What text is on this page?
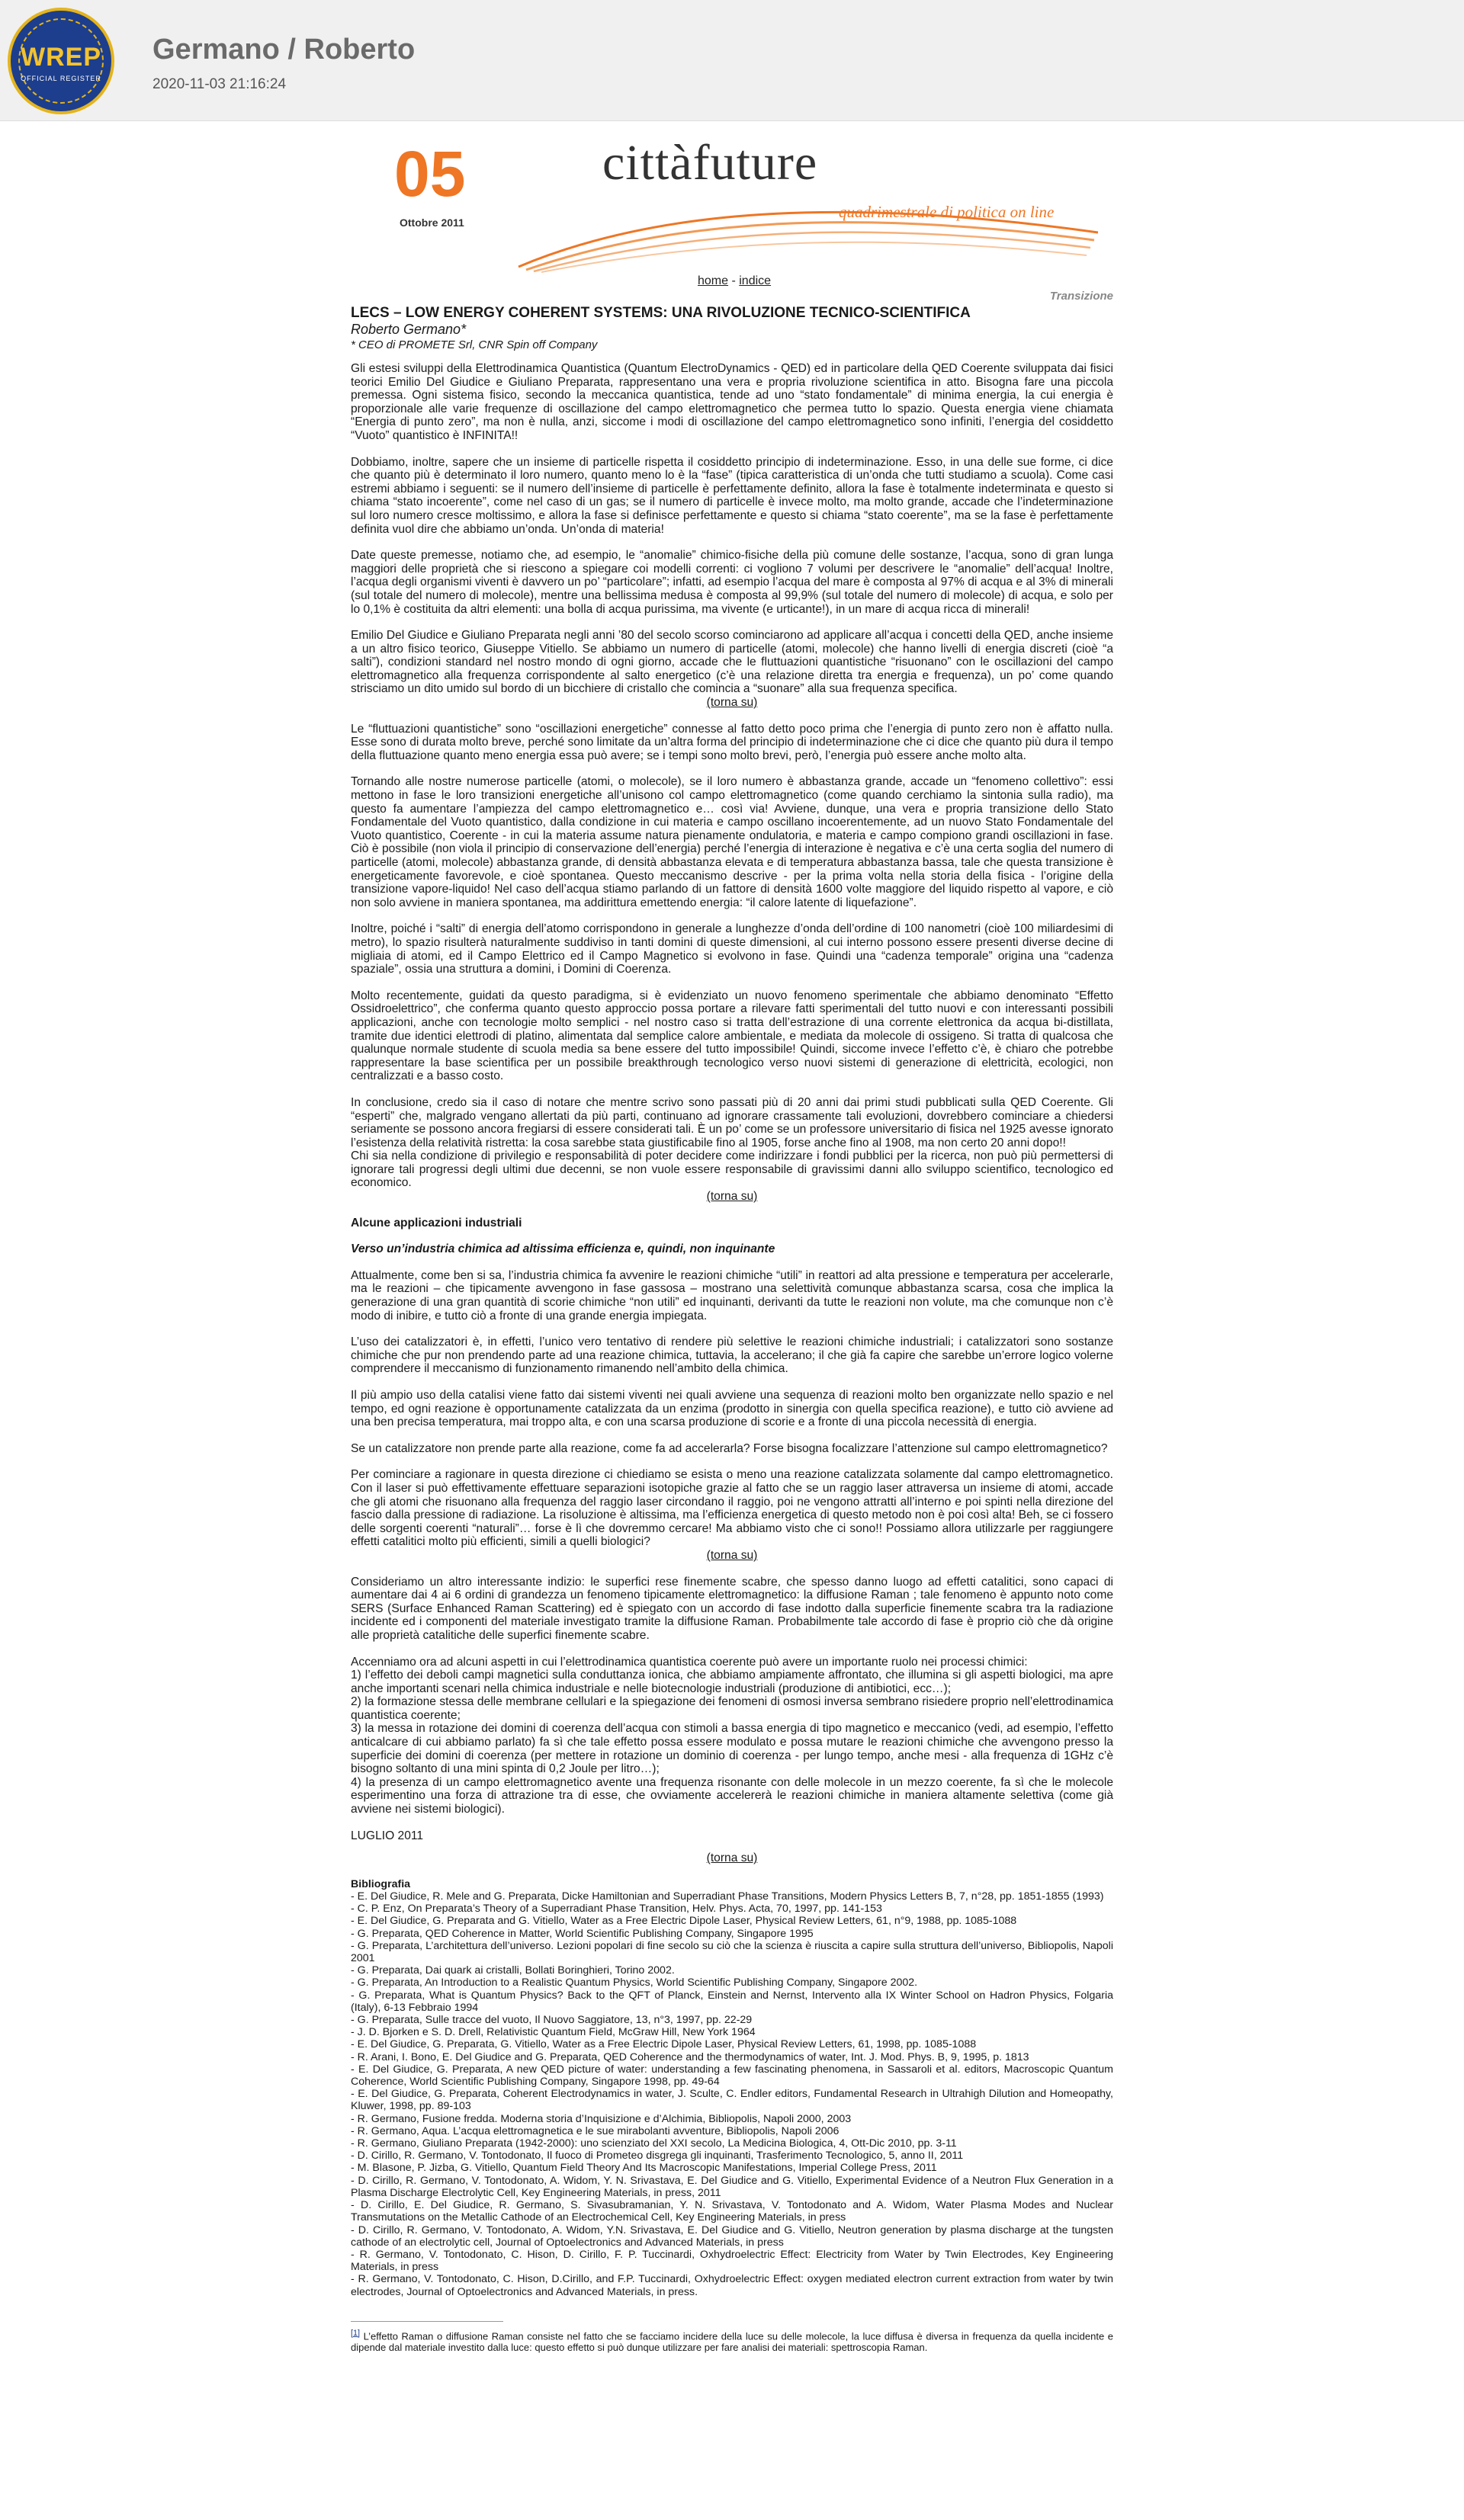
WREP
OFFICIAL REGISTER
Germano / Roberto
2020-11-03 21:16:24
05
Ottobre 2011
cittàfuture
quadrimestrale di politica on line
home - indice
Transizione
LECS – LOW ENERGY COHERENT SYSTEMS: UNA RIVOLUZIONE TECNICO-SCIENTIFICA
Roberto Germano*
* CEO di PROMETE Srl, CNR Spin off Company

Gli estesi sviluppi della Elettrodinamica Quantistica (Quantum ElectroDynamics - QED) ed in particolare della QED Coerente sviluppata dai fisici teorici Emilio Del Giudice e Giuliano Preparata, rappresentano una vera e propria rivoluzione scientifica in atto. Bisogna fare una piccola premessa. Ogni sistema fisico, secondo la meccanica quantistica, tende ad uno “stato fondamentale” di minima energia, la cui energia è proporzionale alle varie frequenze di oscillazione del campo elettromagnetico che permea tutto lo spazio. Questa energia viene chiamata “Energia di punto zero”, ma non è nulla, anzi, siccome i modi di oscillazione del campo elettromagnetico sono infiniti, l’energia del cosiddetto “Vuoto” quantistico è INFINITA!!

Dobbiamo, inoltre, sapere che un insieme di particelle rispetta il cosiddetto principio di indeterminazione. Esso, in una delle sue forme, ci dice che quanto più è determinato il loro numero, quanto meno lo è la “fase” (tipica caratteristica di un’onda che tutti studiamo a scuola). Come casi estremi abbiamo i seguenti: se il numero dell’insieme di particelle è perfettamente definito, allora la fase è totalmente indeterminata e questo si chiama “stato incoerente”, come nel caso di un gas; se il numero di particelle è invece molto, ma molto grande, accade che l’indeterminazione sul loro numero cresce moltissimo, e allora la fase si definisce perfettamente e questo si chiama “stato coerente”, ma se la fase è perfettamente definita vuol dire che abbiamo un’onda. Un’onda di materia!

Date queste premesse, notiamo che, ad esempio, le “anomalie” chimico-fisiche della più comune delle sostanze, l’acqua, sono di gran lunga maggiori delle proprietà che si riescono a spiegare coi modelli correnti: ci vogliono 7 volumi per descrivere le “anomalie” dell’acqua! Inoltre, l’acqua degli organismi viventi è davvero un po’ “particolare”; infatti, ad esempio l’acqua del mare è composta al 97% di acqua e al 3% di minerali (sul totale del numero di molecole), mentre una bellissima medusa è composta al 99,9% (sul totale del numero di molecole) di acqua, e solo per lo 0,1% è costituita da altri elementi: una bolla di acqua purissima, ma vivente (e urticante!), in un mare di acqua ricca di minerali!

Emilio Del Giudice e Giuliano Preparata negli anni ’80 del secolo scorso cominciarono ad applicare all’acqua i concetti della QED, anche insieme a un altro fisico teorico, Giuseppe Vitiello. Se abbiamo un numero di particelle (atomi, molecole) che hanno livelli di energia discreti (cioè “a salti”), condizioni standard nel nostro mondo di ogni giorno, accade che le fluttuazioni quantistiche “risuonano” con le oscillazioni del campo elettromagnetico alla frequenza corrispondente al salto energetico (c’è una relazione diretta tra energia e frequenza), un po’ come quando strisciamo un dito umido sul bordo di un bicchiere di cristallo che comincia a “suonare” alla sua frequenza specifica.

(torna su)

Le “fluttuazioni quantistiche” sono “oscillazioni energetiche” connesse al fatto detto poco prima che l’energia di punto zero non è affatto nulla. Esse sono di durata molto breve, perché sono limitate da un’altra forma del principio di indeterminazione che ci dice che quanto più dura il tempo della fluttuazione quanto meno energia essa può avere; se i tempi sono molto brevi, però, l’energia può essere anche molto alta.

Tornando alle nostre numerose particelle (atomi, o molecole), se il loro numero è abbastanza grande, accade un “fenomeno collettivo”: essi mettono in fase le loro transizioni energetiche all’unisono col campo elettromagnetico (come quando cerchiamo la sintonia sulla radio), ma questo fa aumentare l’ampiezza del campo elettromagnetico e… così via! Avviene, dunque, una vera e propria transizione dello Stato Fondamentale del Vuoto quantistico, dalla condizione in cui materia e campo oscillano incoerentemente, ad un nuovo Stato Fondamentale del Vuoto quantistico, Coerente - in cui la materia assume natura pienamente ondulatoria, e materia e campo compiono grandi oscillazioni in fase. Ciò è possibile (non viola il principio di conservazione dell’energia) perché l’energia di interazione è negativa e c’è una certa soglia del numero di particelle (atomi, molecole) abbastanza grande, di densità abbastanza elevata e di temperatura abbastanza bassa, tale che questa transizione è energeticamente favorevole, e cioè spontanea. Questo meccanismo descrive - per la prima volta nella storia della fisica - l’origine della transizione vapore-liquido! Nel caso dell’acqua stiamo parlando di un fattore di densità 1600 volte maggiore del liquido rispetto al vapore, e ciò non solo avviene in maniera spontanea, ma addirittura emettendo energia: “il calore latente di liquefazione”.

Inoltre, poiché i “salti” di energia dell’atomo corrispondono in generale a lunghezze d’onda dell’ordine di 100 nanometri (cioè 100 miliardesimi di metro), lo spazio risulterà naturalmente suddiviso in tanti domini di queste dimensioni, al cui interno possono essere presenti diverse decine di migliaia di atomi, ed il Campo Elettrico ed il Campo Magnetico si evolvono in fase. Quindi una “cadenza temporale” origina una “cadenza spaziale”, ossia una struttura a domini, i Domini di Coerenza.

Molto recentemente, guidati da questo paradigma, si è evidenziato un nuovo fenomeno sperimentale che abbiamo denominato “Effetto Ossidroelettrico”, che conferma quanto questo approccio possa portare a rilevare fatti sperimentali del tutto nuovi e con interessanti possibili applicazioni, anche con tecnologie molto semplici - nel nostro caso si tratta dell’estrazione di una corrente elettronica da acqua bi-distillata, tramite due identici elettrodi di platino, alimentata dal semplice calore ambientale, e mediata da molecole di ossigeno. Si tratta di qualcosa che qualunque normale studente di scuola media sa bene essere del tutto impossibile! Quindi, siccome invece l’effetto c’è, è chiaro che potrebbe rappresentare la base scientifica per un possibile breakthrough tecnologico verso nuovi sistemi di generazione di elettricità, ecologici, non centralizzati e a basso costo.

In conclusione, credo sia il caso di notare che mentre scrivo sono passati più di 20 anni dai primi studi pubblicati sulla QED Coerente. Gli “esperti” che, malgrado vengano allertati da più parti, continuano ad ignorare crassamente tali evoluzioni, dovrebbero cominciare a chiedersi seriamente se possono ancora fregiarsi di essere considerati tali. È un po’ come se un professore universitario di fisica nel 1925 avesse ignorato l’esistenza della relatività ristretta: la cosa sarebbe stata giustificabile fino al 1905, forse anche fino al 1908, ma non certo 20 anni dopo!!

Chi sia nella condizione di privilegio e responsabilità di poter decidere come indirizzare i fondi pubblici per la ricerca, non può più permettersi di ignorare tali progressi degli ultimi due decenni, se non vuole essere responsabile di gravissimi danni allo sviluppo scientifico, tecnologico ed economico.

(torna su)

Alcune applicazioni industriali

Verso un’industria chimica ad altissima efficienza e, quindi, non inquinante

Attualmente, come ben si sa, l’industria chimica fa avvenire le reazioni chimiche “utili” in reattori ad alta pressione e temperatura per accelerarle, ma le reazioni – che tipicamente avvengono in fase gassosa – mostrano una selettività comunque abbastanza scarsa, cosa che implica la generazione di una gran quantità di scorie chimiche “non utili” ed inquinanti, derivanti da tutte le reazioni non volute, ma che comunque non c’è modo di inibire, e tutto ciò a fronte di una grande energia impiegata.

L’uso dei catalizzatori è, in effetti, l’unico vero tentativo di rendere più selettive le reazioni chimiche industriali; i catalizzatori sono sostanze chimiche che pur non prendendo parte ad una reazione chimica, tuttavia, la accelerano; il che già fa capire che sarebbe un’errore logico volerne comprendere il meccanismo di funzionamento rimanendo nell’ambito della chimica.

Il più ampio uso della catalisi viene fatto dai sistemi viventi nei quali avviene una sequenza di reazioni molto ben organizzate nello spazio e nel tempo, ed ogni reazione è opportunamente catalizzata da un enzima (prodotto in sinergia con quella specifica reazione), e tutto ciò avviene ad una ben precisa temperatura, mai troppo alta, e con una scarsa produzione di scorie e a fronte di una piccola necessità di energia.

Se un catalizzatore non prende parte alla reazione, come fa ad accelerarla? Forse bisogna focalizzare l’attenzione sul campo elettromagnetico?

Per cominciare a ragionare in questa direzione ci chiediamo se esista o meno una reazione catalizzata solamente dal campo elettromagnetico. Con il laser si può effettivamente effettuare separazioni isotopiche grazie al fatto che se un raggio laser attraversa un insieme di atomi, accade che gli atomi che risuonano alla frequenza del raggio laser circondano il raggio, poi ne vengono attratti all’interno e poi spinti nella direzione del fascio dalla pressione di radiazione. La risoluzione è altissima, ma l’efficienza energetica di questo metodo non è poi così alta! Beh, se ci fossero delle sorgenti coerenti “naturali”… forse è lì che dovremmo cercare! Ma abbiamo visto che ci sono!! Possiamo allora utilizzarle per raggiungere effetti catalitici molto più efficienti, simili a quelli biologici?

(torna su)

Consideriamo un altro interessante indizio: le superfici rese finemente scabre, che spesso danno luogo ad effetti catalitici, sono capaci di aumentare dai 4 ai 6 ordini di grandezza un fenomeno tipicamente elettromagnetico: la diffusione Raman ; tale fenomeno è appunto noto come SERS (Surface Enhanced Raman Scattering) ed è spiegato con un accordo di fase indotto dalla superficie finemente scabra tra la radiazione incidente ed i componenti del materiale investigato tramite la diffusione Raman. Probabilmente tale accordo di fase è proprio ciò che dà origine alle proprietà catalitiche delle superfici finemente scabre.

Accenniamo ora ad alcuni aspetti in cui l’elettrodinamica quantistica coerente può avere un importante ruolo nei processi chimici:

1) l’effetto dei deboli campi magnetici sulla conduttanza ionica, che abbiamo ampiamente affrontato, che illumina si gli aspetti biologici, ma apre anche importanti scenari nella chimica industriale e nelle biotecnologie industriali (produzione di antibiotici, ecc…);

2) la formazione stessa delle membrane cellulari e la spiegazione dei fenomeni di osmosi inversa sembrano risiedere proprio nell’elettrodinamica quantistica coerente;

3) la messa in rotazione dei domini di coerenza dell’acqua con stimoli a bassa energia di tipo magnetico e meccanico (vedi, ad esempio, l’effetto anticalcare di cui abbiamo parlato) fa sì che tale effetto possa essere modulato e possa mutare le reazioni chimiche che avvengono presso la superficie dei domini di coerenza (per mettere in rotazione un dominio di coerenza - per lungo tempo, anche mesi - alla frequenza di 1GHz c’è bisogno soltanto di una mini spinta di 0,2 Joule per litro…);

4) la presenza di un campo elettromagnetico avente una frequenza risonante con delle molecole in un mezzo coerente, fa sì che le molecole esperimentino una forza di attrazione tra di esse, che ovviamente accelererà le reazioni chimiche in maniera altamente selettiva (come già avviene nei sistemi biologici).

LUGLIO 2011

(torna su)

Bibliografia
- E. Del Giudice, R. Mele and G. Preparata, Dicke Hamiltonian and Superradiant Phase Transitions, Modern Physics Letters B, 7, n°28, pp. 1851-1855 (1993)
- C. P. Enz, On Preparata’s Theory of a Superradiant Phase Transition, Helv. Phys. Acta, 70, 1997, pp. 141-153
- E. Del Giudice, G. Preparata and G. Vitiello, Water as a Free Electric Dipole Laser, Physical Review Letters, 61, n°9, 1988, pp. 1085-1088
- G. Preparata, QED Coherence in Matter, World Scientific Publishing Company, Singapore 1995
- G. Preparata, L’architettura dell’universo. Lezioni popolari di fine secolo su ciò che la scienza è riuscita a capire sulla struttura dell’universo, Bibliopolis, Napoli 2001
- G. Preparata, Dai quark ai cristalli, Bollati Boringhieri, Torino 2002.
- G. Preparata, An Introduction to a Realistic Quantum Physics, World Scientific Publishing Company, Singapore 2002.
- G. Preparata, What is Quantum Physics? Back to the QFT of Planck, Einstein and Nernst, Intervento alla IX Winter School on Hadron Physics, Folgaria (Italy), 6-13 Febbraio 1994
- G. Preparata, Sulle tracce del vuoto, Il Nuovo Saggiatore, 13, n°3, 1997, pp. 22-29
- J. D. Bjorken e S. D. Drell, Relativistic Quantum Field, McGraw Hill, New York 1964
- E. Del Giudice, G. Preparata, G. Vitiello, Water as a Free Electric Dipole Laser, Physical Review Letters, 61, 1998, pp. 1085-1088
- R. Arani, I. Bono, E. Del Giudice and G. Preparata, QED Coherence and the thermodynamics of water, Int. J. Mod. Phys. B, 9, 1995, p. 1813
- E. Del Giudice, G. Preparata, A new QED picture of water: understanding a few fascinating phenomena, in Sassaroli et al. editors, Macroscopic Quantum Coherence, World Scientific Publishing Company, Singapore 1998, pp. 49-64
- E. Del Giudice, G. Preparata, Coherent Electrodynamics in water, J. Sculte, C. Endler editors, Fundamental Research in Ultrahigh Dilution and Homeopathy, Kluwer, 1998, pp. 89-103
- R. Germano, Fusione fredda. Moderna storia d’Inquisizione e d’Alchimia, Bibliopolis, Napoli 2000, 2003
- R. Germano, Aqua. L’acqua elettromagnetica e le sue mirabolanti avventure, Bibliopolis, Napoli 2006
- R. Germano, Giuliano Preparata (1942-2000): uno scienziato del XXI secolo, La Medicina Biologica, 4, Ott-Dic 2010, pp. 3-11
- D. Cirillo, R. Germano, V. Tontodonato, Il fuoco di Prometeo disgrega gli inquinanti, Trasferimento Tecnologico, 5, anno II, 2011
- M. Blasone, P. Jizba, G. Vitiello, Quantum Field Theory And Its Macroscopic Manifestations, Imperial College Press, 2011
- D. Cirillo, R. Germano, V. Tontodonato, A. Widom, Y. N. Srivastava, E. Del Giudice and G. Vitiello, Experimental Evidence of a Neutron Flux Generation in a Plasma Discharge Electrolytic Cell, Key Engineering Materials, in press, 2011
- D. Cirillo, E. Del Giudice, R. Germano, S. Sivasubramanian, Y. N. Srivastava, V. Tontodonato and A. Widom, Water Plasma Modes and Nuclear Transmutations on the Metallic Cathode of an Electrochemical Cell, Key Engineering Materials, in press
- D. Cirillo, R. Germano, V. Tontodonato, A. Widom, Y.N. Srivastava, E. Del Giudice and G. Vitiello, Neutron generation by plasma discharge at the tungsten cathode of an electrolytic cell, Journal of Optoelectronics and Advanced Materials, in press
- R. Germano, V. Tontodonato, C. Hison, D. Cirillo, F. P. Tuccinardi, Oxhydroelectric Effect: Electricity from Water by Twin Electrodes, Key Engineering Materials, in press
- R. Germano, V. Tontodonato, C. Hison, D.Cirillo, and F.P. Tuccinardi, Oxhydroelectric Effect: oxygen mediated electron current extraction from water by twin electrodes, Journal of Optoelectronics and Advanced Materials, in press.
[1] L’effetto Raman o diffusione Raman consiste nel fatto che se facciamo incidere della luce su delle molecole, la luce diffusa è diversa in frequenza da quella incidente e dipende dal materiale investito dalla luce: questo effetto si può dunque utilizzare per fare analisi dei materiali: spettroscopia Raman.
